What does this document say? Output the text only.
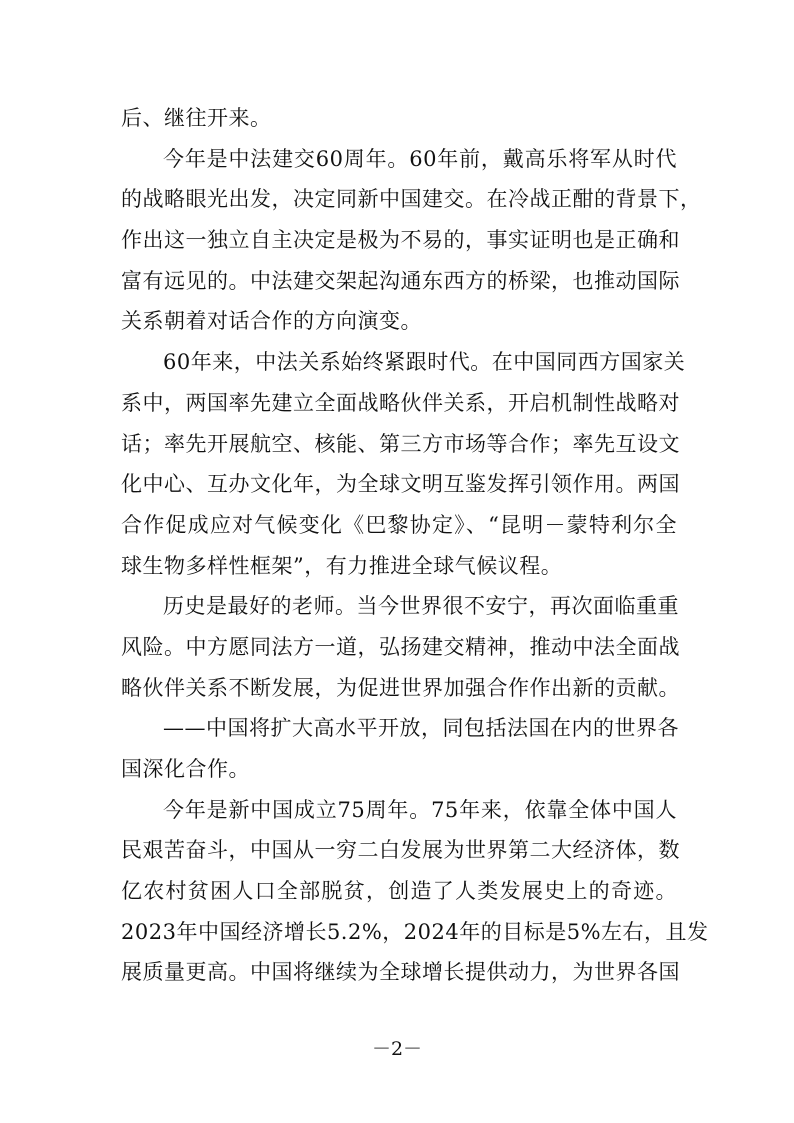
后、继往开来。
今年是中法建交60周年。60年前，戴高乐将军从时代
的战略眼光出发，决定同新中国建交。在冷战正酣的背景下，
作出这一独立自主决定是极为不易的，事实证明也是正确和
富有远见的。中法建交架起沟通东西方的桥梁，也推动国际
关系朝着对话合作的方向演变。
60年来，中法关系始终紧跟时代。在中国同西方国家关
系中，两国率先建立全面战略伙伴关系，开启机制性战略对
话；率先开展航空、核能、第三方市场等合作；率先互设文
化中心、互办文化年，为全球文明互鉴发挥引领作用。两国
合作促成应对气候变化《巴黎协定》、“昆明－蒙特利尔全
球生物多样性框架”，有力推进全球气候议程。
历史是最好的老师。当今世界很不安宁，再次面临重重
风险。中方愿同法方一道，弘扬建交精神，推动中法全面战
略伙伴关系不断发展，为促进世界加强合作作出新的贡献。
——中国将扩大高水平开放，同包括法国在内的世界各
国深化合作。
今年是新中国成立75周年。75年来，依靠全体中国人
民艰苦奋斗，中国从一穷二白发展为世界第二大经济体，数
亿农村贫困人口全部脱贫，创造了人类发展史上的奇迹。
2023年中国经济增长5.2%，2024年的目标是5%左右，且发
展质量更高。中国将继续为全球增长提供动力，为世界各国
－2－
